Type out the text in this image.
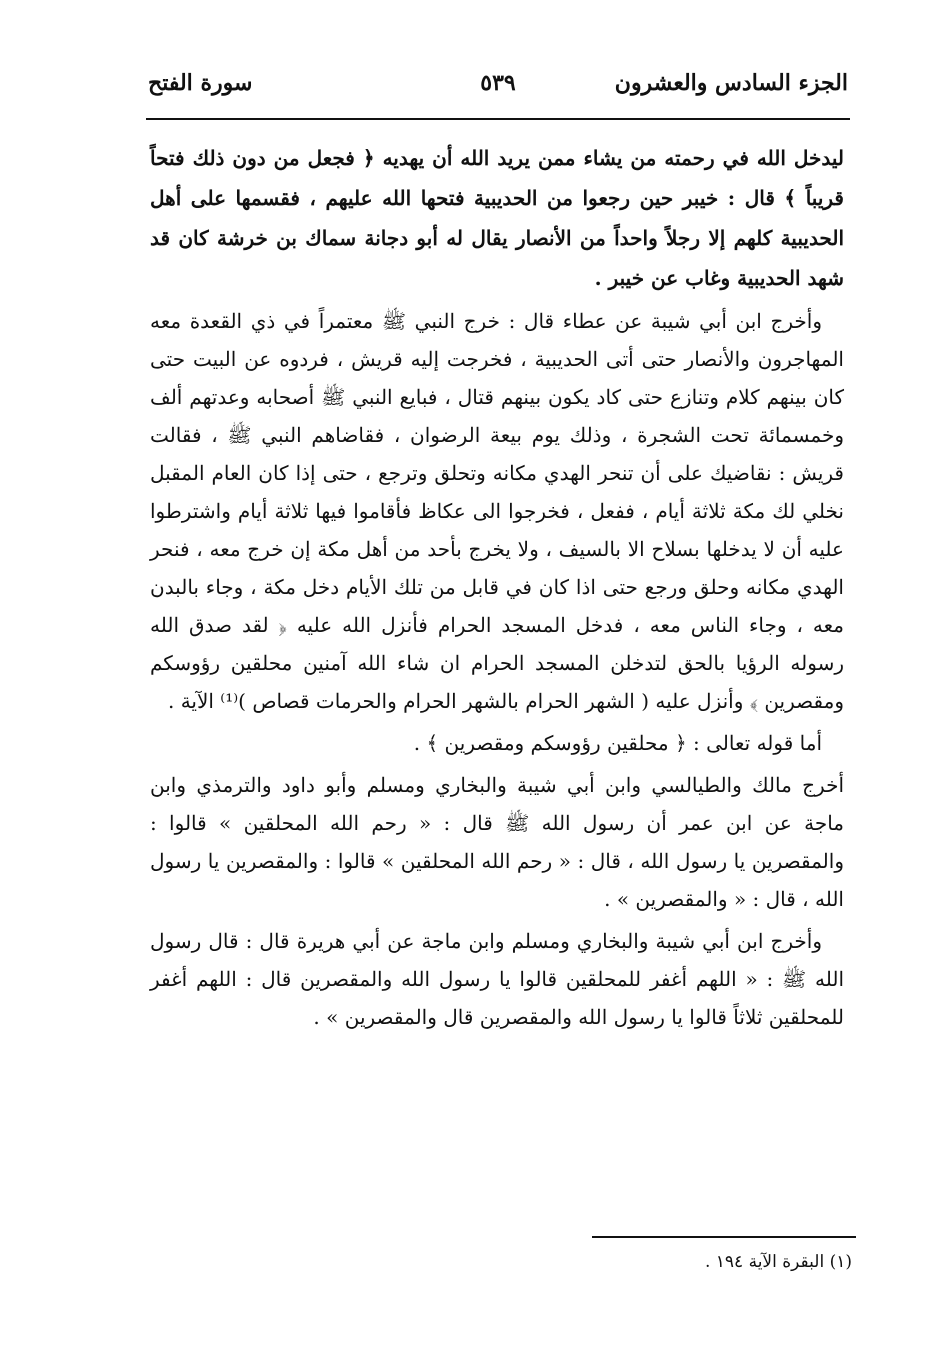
الجزء السادس والعشرون
٥٣٩
سورة الفتح

ليدخل الله في رحمته من يشاء ممن يريد الله أن يهديه ﴿ فجعل من دون ذلك فتحاً قريباً ﴾ قال : خيبر حين رجعوا من الحديبية فتحها الله عليهم ، فقسمها على أهل الحديبية كلهم إلا رجلاً واحداً من الأنصار يقال له أبو دجانة سماك بن خرشة كان قد شهد الحديبية وغاب عن خيبر .

وأخرج ابن أبي شيبة عن عطاء قال : خرج النبي ﷺ معتمراً في ذي القعدة معه المهاجرون والأنصار حتى أتى الحديبية ، فخرجت إليه قريش ، فردوه عن البيت حتى كان بينهم كلام وتنازع حتى كاد يكون بينهم قتال ، فبايع النبي ﷺ أصحابه وعدتهم ألف وخمسمائة تحت الشجرة ، وذلك يوم بيعة الرضوان ، فقاضاهم النبي ﷺ ، فقالت قريش : نقاضيك على أن تنحر الهدي مكانه وتحلق وترجع ، حتى إذا كان العام المقبل نخلي لك مكة ثلاثة أيام ، ففعل ، فخرجوا الى عكاظ فأقاموا فيها ثلاثة أيام واشترطوا عليه أن لا يدخلها بسلاح الا بالسيف ، ولا يخرج بأحد من أهل مكة إن خرج معه ، فنحر الهدي مكانه وحلق ورجع حتى اذا كان في قابل من تلك الأيام دخل مكة ، وجاء بالبدن معه ، وجاء الناس معه ، فدخل المسجد الحرام فأنزل الله عليه ﴿ لقد صدق الله رسوله الرؤيا بالحق لتدخلن المسجد الحرام ان شاء الله آمنين محلقين رؤوسكم ومقصرين ﴾ وأنزل عليه ( الشهر الحرام بالشهر الحرام والحرمات قصاص )⁽¹⁾ الآية .

أما قوله تعالى : ﴿ محلقين رؤوسكم ومقصرين ﴾ .

أخرج مالك والطيالسي وابن أبي شيبة والبخاري ومسلم وأبو داود والترمذي وابن ماجة عن ابن عمر أن رسول الله ﷺ قال : « رحم الله المحلقين » قالوا : والمقصرين يا رسول الله ، قال : « رحم الله المحلقين » قالوا : والمقصرين يا رسول الله ، قال : « والمقصرين » .

وأخرج ابن أبي شيبة والبخاري ومسلم وابن ماجة عن أبي هريرة قال : قال رسول الله ﷺ : « اللهم أغفر للمحلقين قالوا يا رسول الله والمقصرين قال : اللهم أغفر للمحلقين ثلاثاً قالوا يا رسول الله والمقصرين قال والمقصرين » .

(١) البقرة الآية ١٩٤ .
